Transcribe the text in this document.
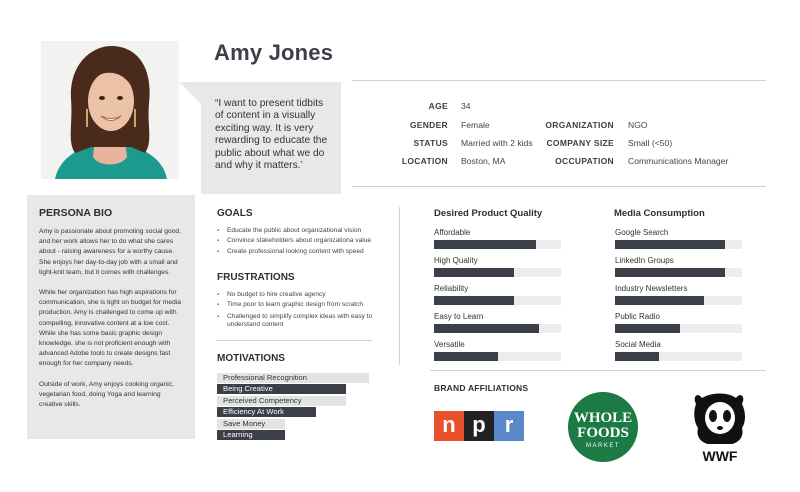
Amy Jones
“I want to present tidbits of content in a visually exciting way. It is very rewarding to educate the public about what we do and why it matters.’
AGE 34
GENDER Female
STATUS Married with 2 kids
LOCATION Boston, MA
ORGANIZATION NGO
COMPANY SIZE Small (<50)
OCCUPATION Communications Manager
PERSONA BIO

Amy is passionate about promoting social good, and her work allows her to do what she cares about - raising awareness for a worthy cause. She enjoys her day-to-day job with a small and tight-knit team, but it comes with challenges.

While her organization has high aspirations for communication, she is tight on budget for media production. Amy is challenged to come up with compelling, innovative content at a low cost. While she has some basic graphic design knowledge, she is not proficient enough with advanced Adobe tools to create designs fast enough for her company needs.

Outside of work, Amy enjoys cooking organic, vegetarian food, doing Yoga and learning creative skills.

GOALS
▪ Educate the public about organizational vision
▪ Convince stakeholders about organizationa value
▪ Create professional looking content with speed
FRUSTRATIONS
▪ No budget to hire creative agency
▪ Time poor to learn graphic design from scratch
▪ Challenged to simplify complex ideas with easy to understand content
MOTIVATIONS
Professional Recognition
Being Creative
Perceived Competency
Efficiency At Work
Save Money
Learning
Desired Product Quality
Affordable
High Quality
Reliability
Easy to Learn
Versatile
Media Consumption
Google Search
LinkedIn Groups
Industry Newsletters
Public Radio
Social Media
BRAND AFFILIATIONS
n p r	WHOLE
FOODS
MARKET
WWF
